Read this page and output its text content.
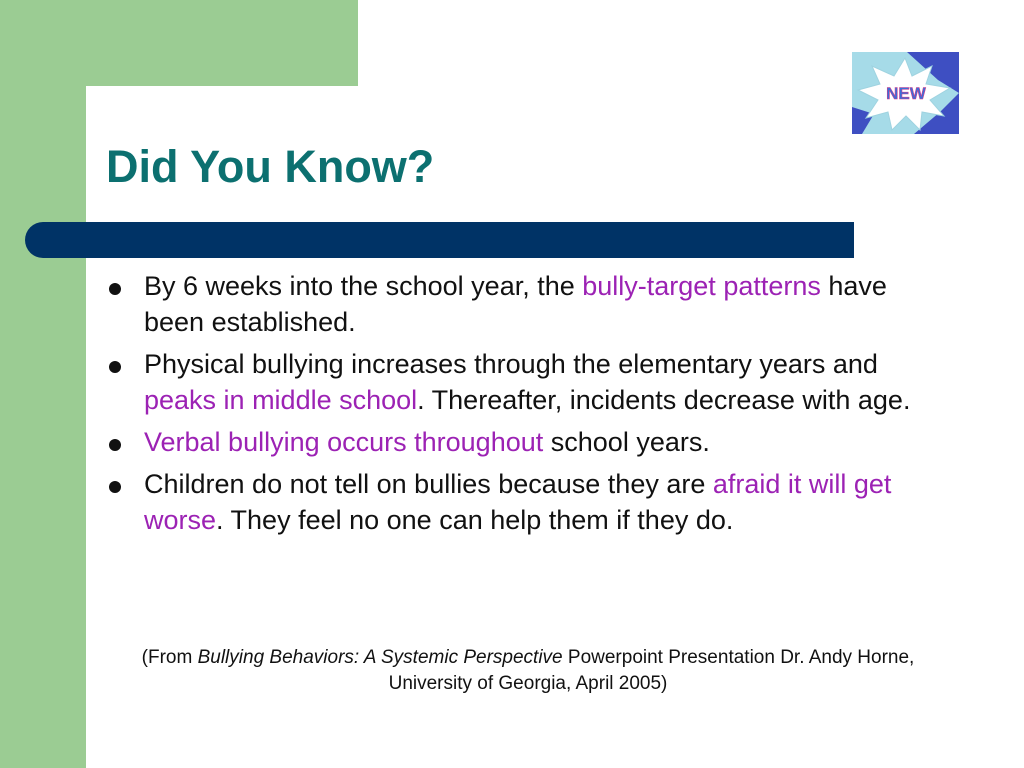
NEW
Did You Know?
By 6 weeks into the school year, the bully-target patterns have been established.
Physical bullying increases through the elementary years and peaks in middle school. Thereafter, incidents decrease with age.
Verbal bullying occurs throughout school years.
Children do not tell on bullies because they are afraid it will get worse. They feel no one can help them if they do.

(From Bullying Behaviors: A Systemic Perspective Powerpoint Presentation Dr. Andy Horne, University of Georgia, April 2005)
